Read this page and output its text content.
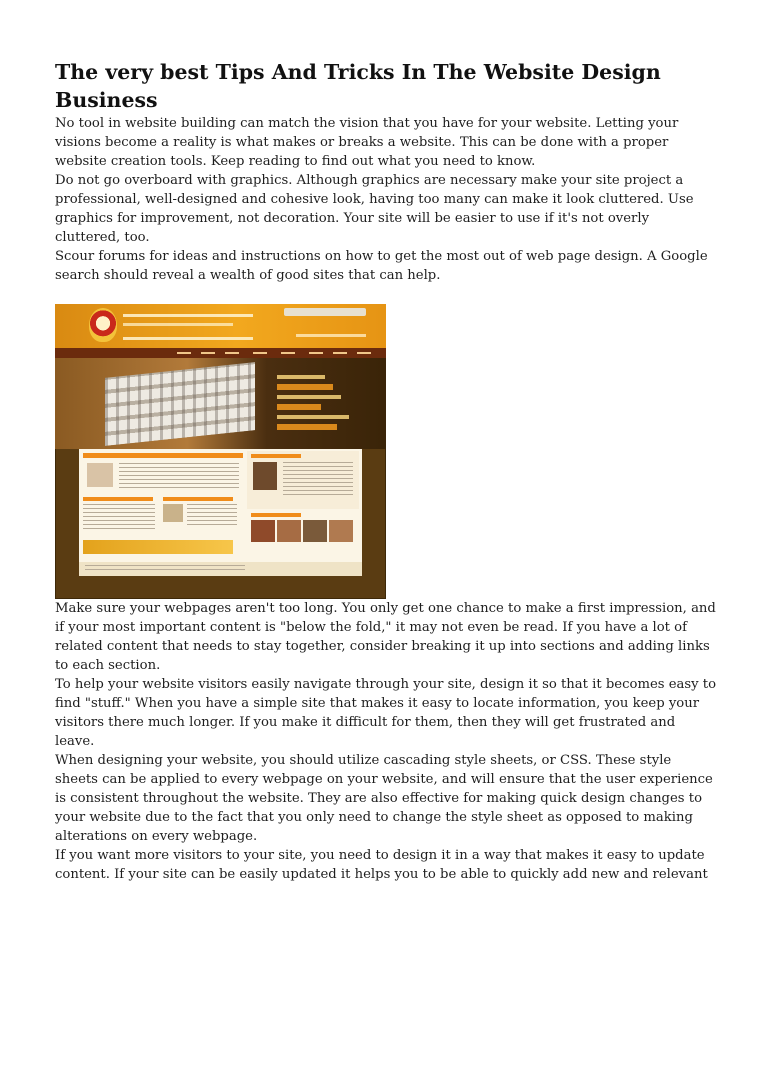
The very best Tips And Tricks In The Website Design Business

No tool in website building can match the vision that you have for your website. Letting your visions become a reality is what makes or breaks a website. This can be done with a proper website creation tools. Keep reading to find out what you need to know.

Do not go overboard with graphics. Although graphics are necessary make your site project a professional, well-designed and cohesive look, having too many can make it look cluttered. Use graphics for improvement, not decoration. Your site will be easier to use if it's not overly cluttered, too.

Scour forums for ideas and instructions on how to get the most out of web page design. A Google search should reveal a wealth of good sites that can help.

Make sure your webpages aren't too long. You only get one chance to make a first impression, and if your most important content is "below the fold," it may not even be read. If you have a lot of related content that needs to stay together, consider breaking it up into sections and adding links to each section.

To help your website visitors easily navigate through your site, design it so that it becomes easy to find "stuff." When you have a simple site that makes it easy to locate information, you keep your visitors there much longer. If you make it difficult for them, then they will get frustrated and leave.

When designing your website, you should utilize cascading style sheets, or CSS. These style sheets can be applied to every webpage on your website, and will ensure that the user experience is consistent throughout the website. They are also effective for making quick design changes to your website due to the fact that you only need to change the style sheet as opposed to making alterations on every webpage.

If you want more visitors to your site, you need to design it in a way that makes it easy to update content. If your site can be easily updated it helps you to be able to quickly add new and relevant
